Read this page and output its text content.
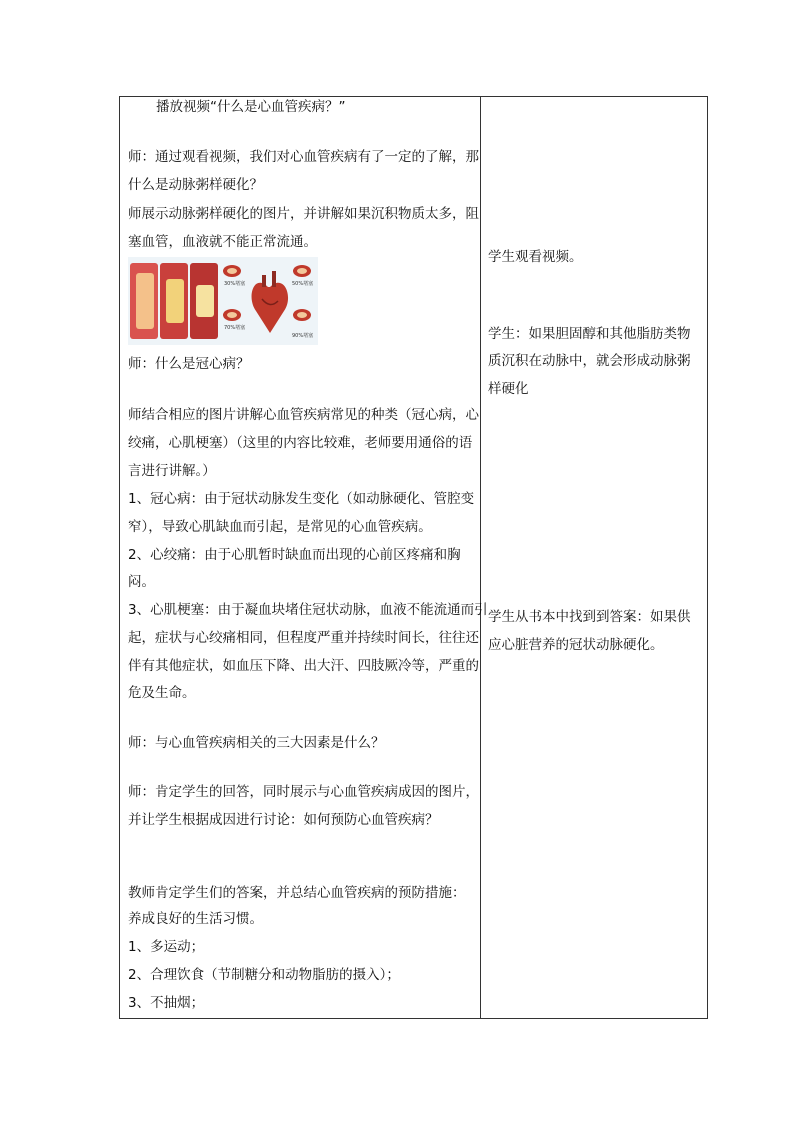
播放视频“什么是心血管疾病？”
师：通过观看视频，我们对心血管疾病有了一定的了解，那
什么是动脉粥样硬化？
师展示动脉粥样硬化的图片，并讲解如果沉积物质太多，阻
塞血管，血液就不能正常流通。
30%堵塞
70%堵塞
50%堵塞
90%堵塞
师：什么是冠心病？
师结合相应的图片讲解心血管疾病常见的种类（冠心病，心
绞痛，心肌梗塞）（这里的内容比较难，老师要用通俗的语
言进行讲解。）
1、冠心病：由于冠状动脉发生变化（如动脉硬化、管腔变
窄），导致心肌缺血而引起，是常见的心血管疾病。
2、心绞痛：由于心肌暂时缺血而出现的心前区疼痛和胸
闷。
3、心肌梗塞：由于凝血块堵住冠状动脉，血液不能流通而引
起，症状与心绞痛相同，但程度严重并持续时间长，往往还
伴有其他症状，如血压下降、出大汗、四肢厥冷等，严重的
危及生命。
师：与心血管疾病相关的三大因素是什么？
师：肯定学生的回答，同时展示与心血管疾病成因的图片，
并让学生根据成因进行讨论：如何预防心血管疾病？
教师肯定学生们的答案，并总结心血管疾病的预防措施：
养成良好的生活习惯。
1、多运动；
2、合理饮食（节制糖分和动物脂肪的摄入）；
3、不抽烟；
学生观看视频。
学生：如果胆固醇和其他脂肪类物
质沉积在动脉中，就会形成动脉粥
样硬化
学生从书本中找到到答案：如果供
应心脏营养的冠状动脉硬化。
